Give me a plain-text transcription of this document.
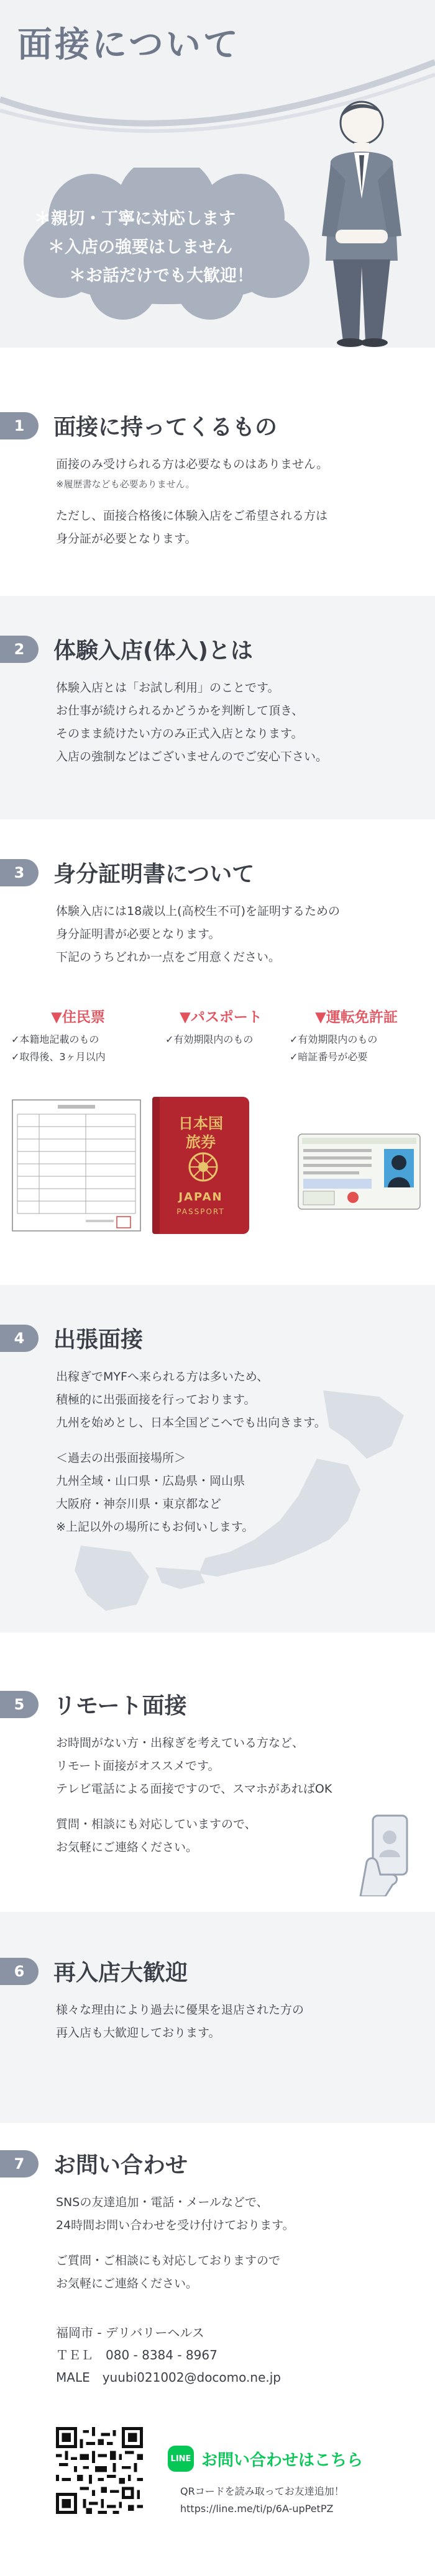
面接について
＊親切・丁寧に対応します
＊入店の強要はしません
＊お話だけでも大歓迎！
1	面接に持ってくるもの

面接のみ受けられる方は必要なものはありません。

※履歴書なども必要ありません。

ただし、面接合格後に体験入店をご希望される方は

身分証が必要となります。

2	体験入店(体入)とは

体験入店とは「お試し利用」のことです。

お仕事が続けられるかどうかを判断して頂き、

そのまま続けたい方のみ正式入店となります。

入店の強制などはございませんのでご安心下さい。

3	身分証明書について

体験入店には18歳以上(高校生不可)を証明するための

身分証明書が必要となります。

下記のうちどれか一点をご用意ください。

▼住民票
✓本籍地記載のもの
✓取得後、3ヶ月以内
▼パスポート
✓有効期限内のもの
▼運転免許証
✓有効期限内のもの
✓暗証番号が必要
日本国
旅券
JAPAN
PASSPORT
4	出張面接

出稼ぎでMYFへ来られる方は多いため、

積極的に出張面接を行っております。

九州を始めとし、日本全国どこへでも出向きます。

＜過去の出張面接場所＞

九州全域・山口県・広島県・岡山県

大阪府・神奈川県・東京都など

※上記以外の場所にもお伺いします。

5	リモート面接

お時間がない方・出稼ぎを考えている方など、

リモート面接がオススメです。

テレビ電話による面接ですので、スマホがあればOK

質問・相談にも対応していますので、

お気軽にご連絡ください。

6	再入店大歓迎

様々な理由により過去に優果を退店された方の

再入店も大歓迎しております。

7	お問い合わせ

SNSの友達追加・電話・メールなどで、

24時間お問い合わせを受け付けております。

ご質問・ご相談にも対応しておりますので

お気軽にご連絡ください。

福岡市 - デリバリーヘルス
ＴＥＬ　080 - 8384 - 8967
MALE　yuubi021002@docomo.ne.jp
LINE お問い合わせはこちら
QRコードを読み取ってお友達追加！
https://line.me/ti/p/6A-upPetPZ
